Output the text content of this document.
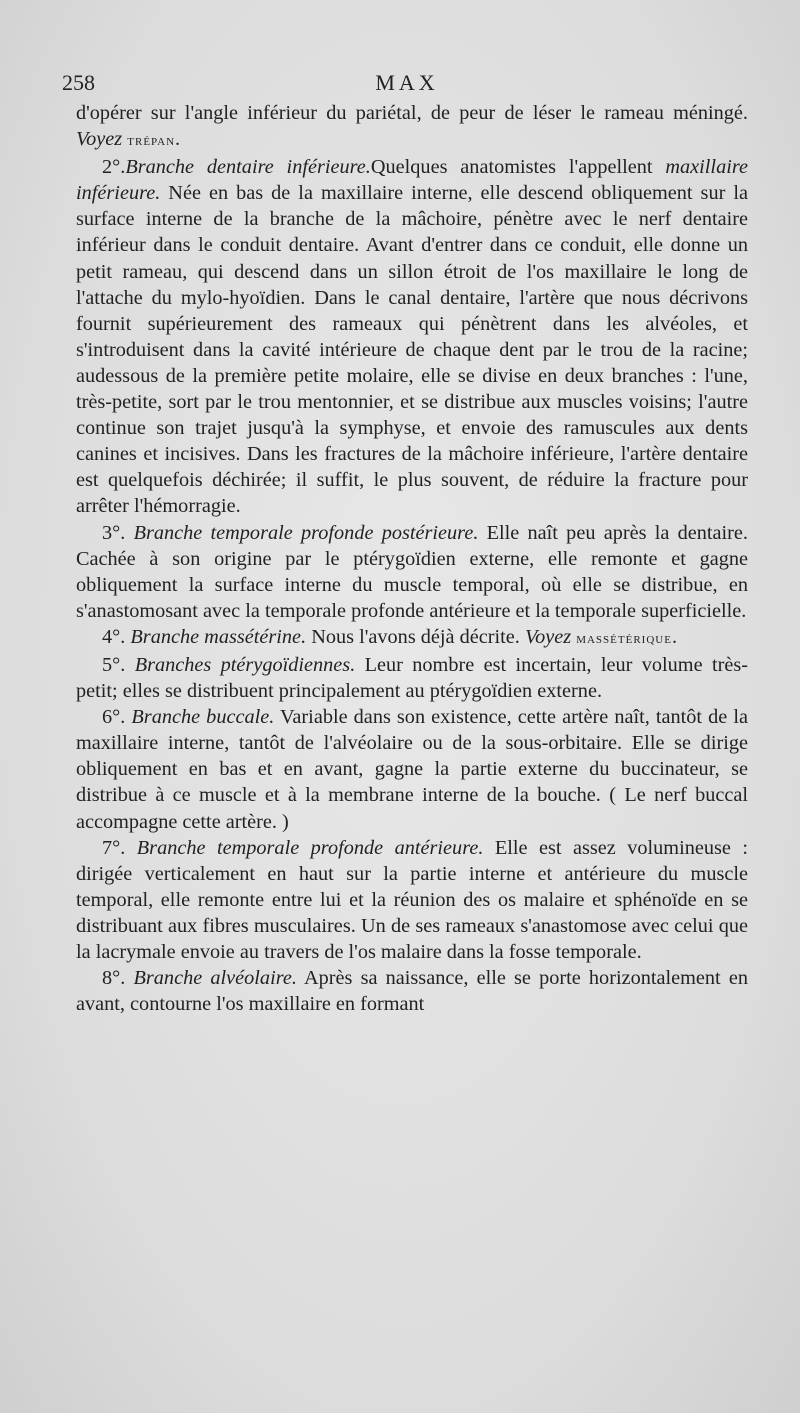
258	MAX

d'opérer sur l'angle inférieur du pariétal, de peur de léser le rameau méningé. Voyez trépan.

2°.Branche dentaire inférieure.Quelques anatomistes l'appellent maxillaire inférieure. Née en bas de la maxillaire interne, elle descend obliquement sur la surface interne de la branche de la mâchoire, pénètre avec le nerf dentaire inférieur dans le conduit dentaire. Avant d'entrer dans ce conduit, elle donne un petit rameau, qui descend dans un sillon étroit de l'os maxillaire le long de l'attache du mylo-hyoïdien. Dans le canal dentaire, l'artère que nous décrivons fournit supérieurement des rameaux qui pénètrent dans les alvéoles, et s'introduisent dans la cavité intérieure de chaque dent par le trou de la racine; audessous de la première petite molaire, elle se divise en deux branches : l'une, très-petite, sort par le trou mentonnier, et se distribue aux muscles voisins; l'autre continue son trajet jusqu'à la symphyse, et envoie des ramuscules aux dents canines et incisives. Dans les fractures de la mâchoire inférieure, l'artère dentaire est quelquefois déchirée; il suffit, le plus souvent, de réduire la fracture pour arrêter l'hémorragie.

3°. Branche temporale profonde postérieure. Elle naît peu après la dentaire. Cachée à son origine par le ptérygoïdien externe, elle remonte et gagne obliquement la surface interne du muscle temporal, où elle se distribue, en s'anastomosant avec la temporale profonde antérieure et la temporale superficielle.

4°. Branche massétérine. Nous l'avons déjà décrite. Voyez massétérique.

5°. Branches ptérygoïdiennes. Leur nombre est incertain, leur volume très-petit; elles se distribuent principalement au ptérygoïdien externe.

6°. Branche buccale. Variable dans son existence, cette artère naît, tantôt de la maxillaire interne, tantôt de l'alvéolaire ou de la sous-orbitaire. Elle se dirige obliquement en bas et en avant, gagne la partie externe du buccinateur, se distribue à ce muscle et à la membrane interne de la bouche. ( Le nerf buccal accompagne cette artère. )

7°. Branche temporale profonde antérieure. Elle est assez volumineuse : dirigée verticalement en haut sur la partie interne et antérieure du muscle temporal, elle remonte entre lui et la réunion des os malaire et sphénoïde en se distribuant aux fibres musculaires. Un de ses rameaux s'anastomose avec celui que la lacrymale envoie au travers de l'os malaire dans la fosse temporale.

8°. Branche alvéolaire. Après sa naissance, elle se porte horizontalement en avant, contourne l'os maxillaire en formant
